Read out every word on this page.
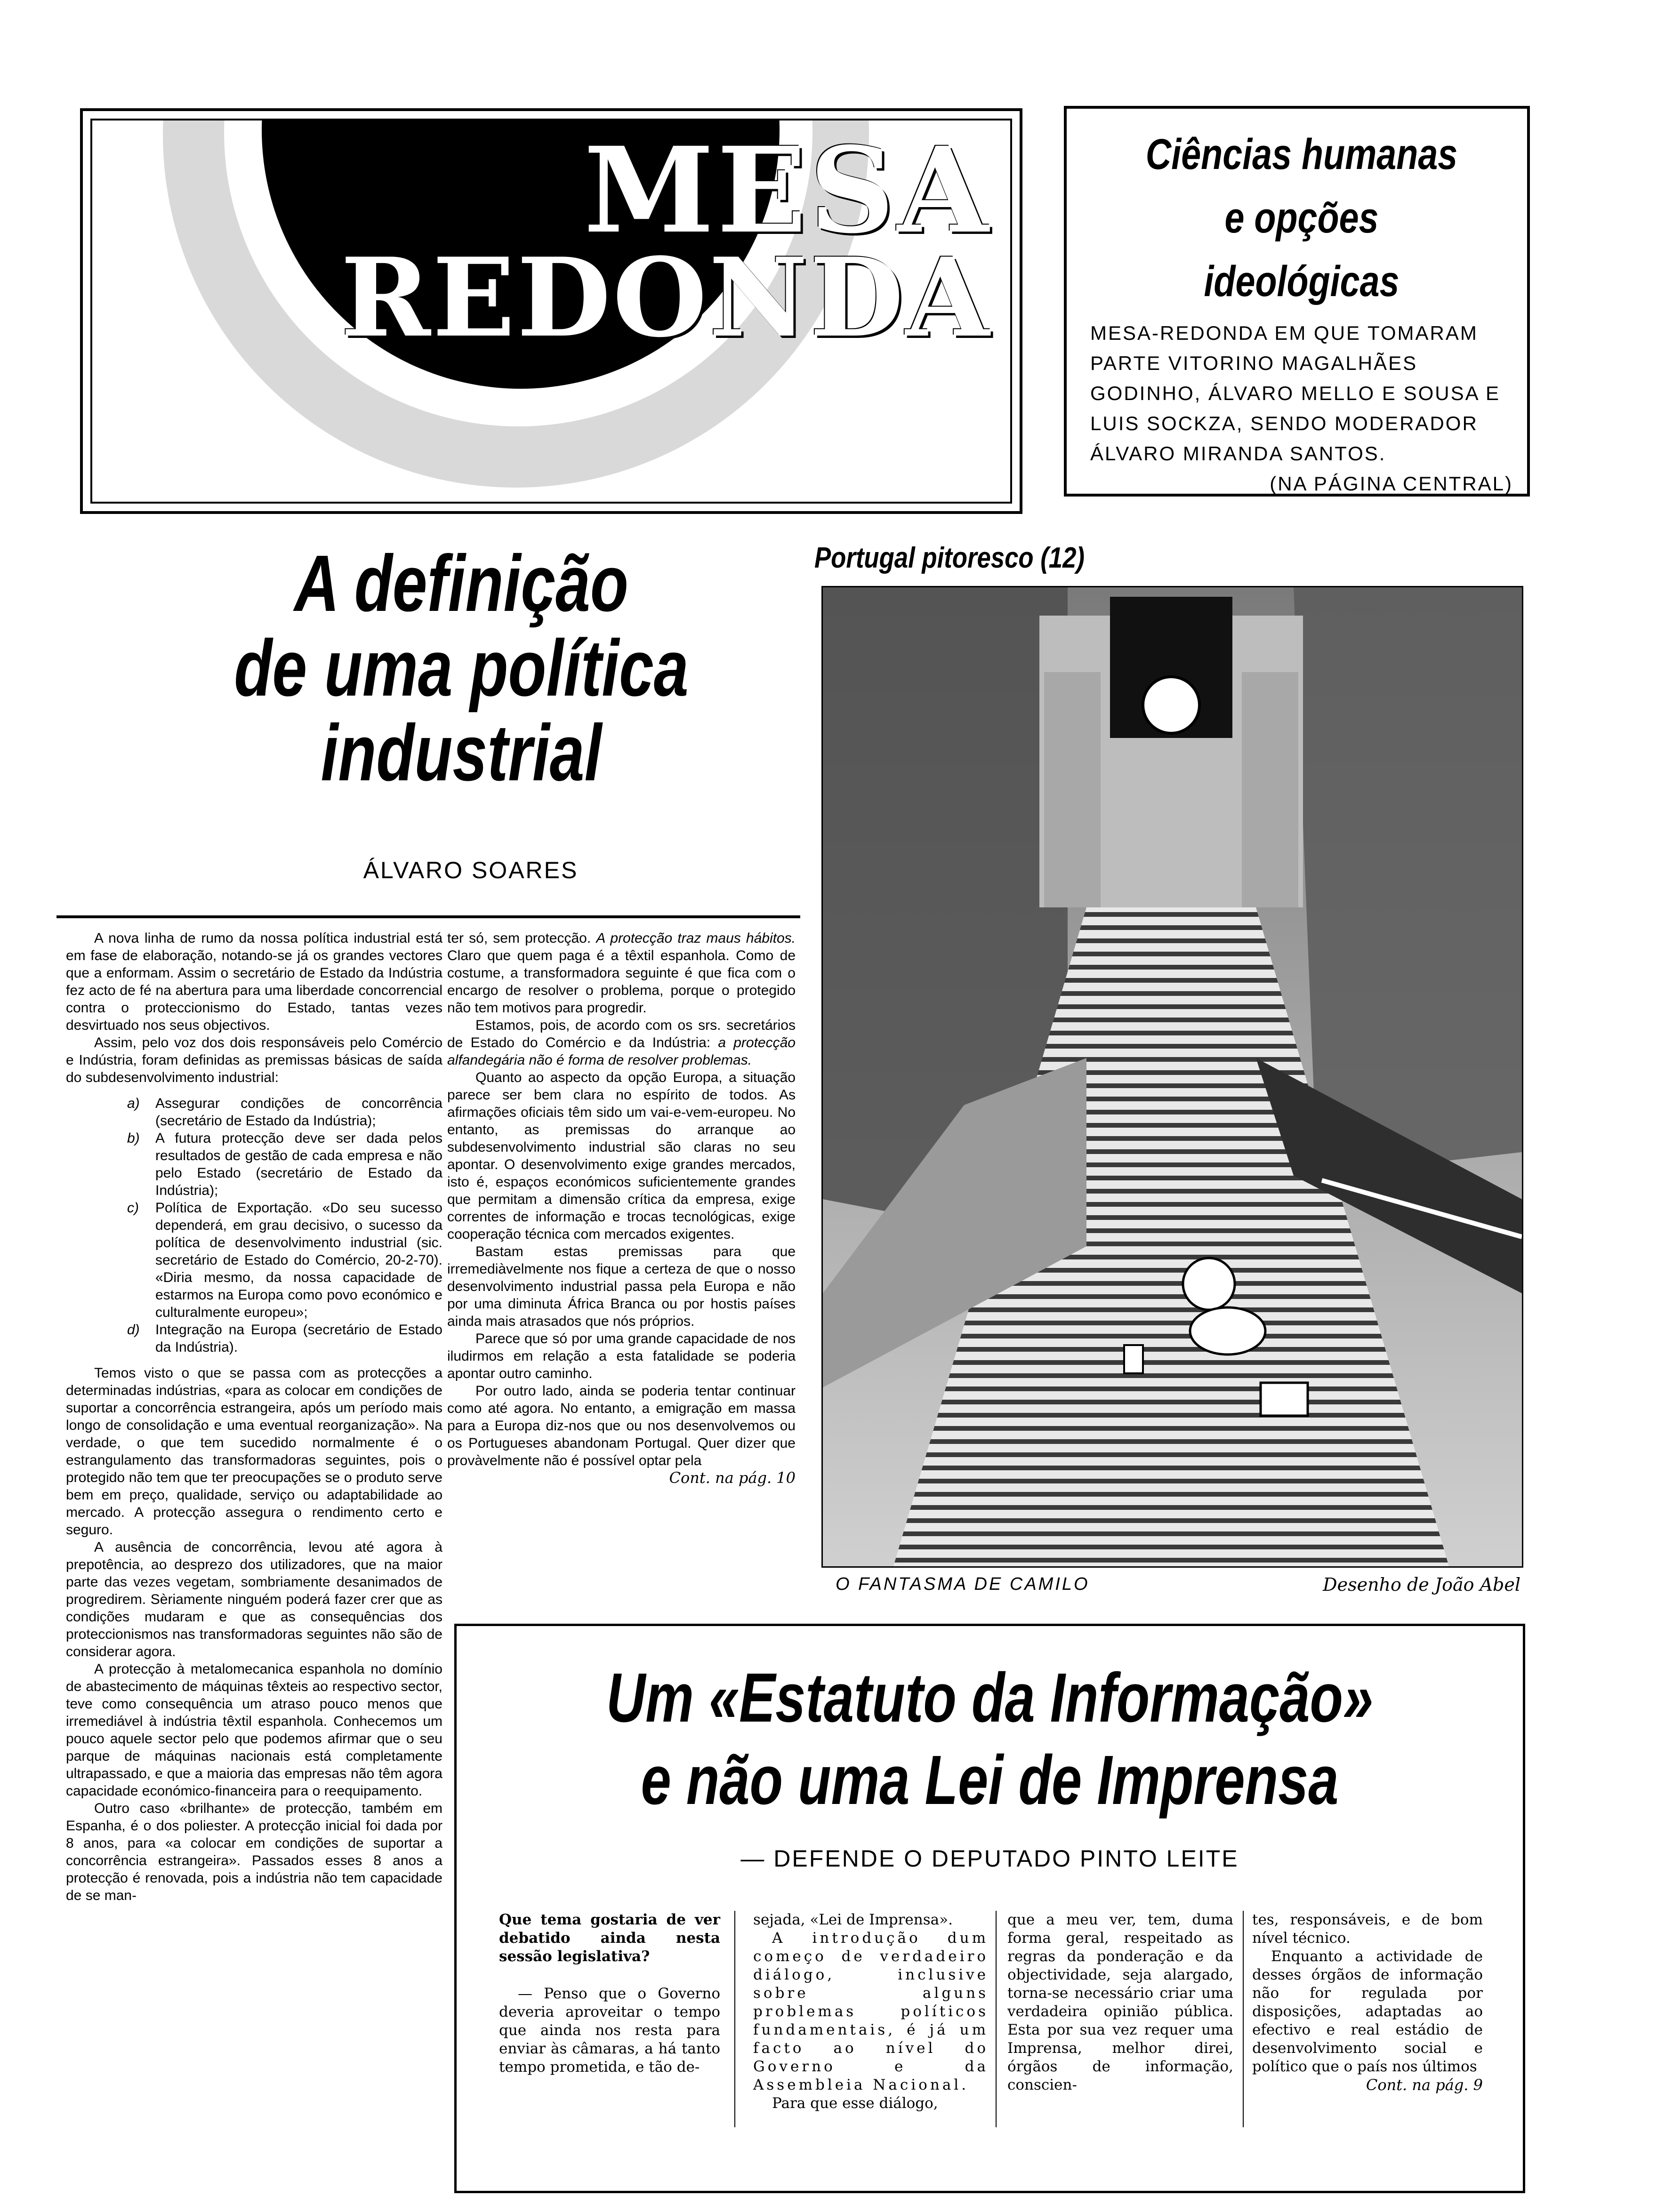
MESA
REDONDA
Ciências humanas
e opções
ideológicas
MESA-REDONDA EM QUE TOMARAM PARTE VITORINO MAGALHÃES GODINHO, ÁLVARO MELLO E SOUSA E LUIS SOCKZA, SENDO MODERADOR ÁLVARO MIRANDA SANTOS.
(NA PÁGINA CENTRAL)
A definição
de uma política
industrial
ÁLVARO SOARES

A nova linha de rumo da nossa política industrial está em fase de elaboração, notando-se já os grandes vectores que a enformam. Assim o secretário de Estado da Indústria fez acto de fé na abertura para uma liberdade concorrencial contra o proteccionismo do Estado, tantas vezes desvirtuado nos seus objectivos.

Assim, pelo voz dos dois responsáveis pelo Comércio e Indústria, foram definidas as premissas básicas de saída do subdesenvolvimento industrial:

a)	Assegurar condições de concorrência (secretário de Estado da Indústria);
b)	A futura protecção deve ser dada pelos resultados de gestão de cada empresa e não pelo Estado (secretário de Estado da Indústria);
c)	Política de Exportação. «Do seu sucesso dependerá, em grau decisivo, o sucesso da política de desenvolvimento industrial (sic. secretário de Estado do Comércio, 20-2-70). «Diria mesmo, da nossa capacidade de estarmos na Europa como povo económico e culturalmente europeu»;
d)	Integração na Europa (secretário de Estado da Indústria).

Temos visto o que se passa com as protecções a determinadas indústrias, «para as colocar em condições de suportar a concorrência estrangeira, após um período mais longo de consolidação e uma eventual reorganização». Na verdade, o que tem sucedido normalmente é o estrangulamento das transformadoras seguintes, pois o protegido não tem que ter preocupações se o produto serve bem em preço, qualidade, serviço ou adaptabilidade ao mercado. A protecção assegura o rendimento certo e seguro.

A ausência de concorrência, levou até agora à prepotência, ao desprezo dos utilizadores, que na maior parte das vezes vegetam, sombriamente desanimados de progredirem. Sèriamente ninguém poderá fazer crer que as condições mudaram e que as consequências dos proteccionismos nas transformadoras seguintes não são de considerar agora.

A protecção à metalomecanica espanhola no domínio de abastecimento de máquinas têxteis ao respectivo sector, teve como consequência um atraso pouco menos que irremediável à indústria têxtil espanhola. Conhecemos um pouco aquele sector pelo que podemos afirmar que o seu parque de máquinas nacionais está completamente ultrapassado, e que a maioria das empresas não têm agora capacidade económico-financeira para o reequipamento.

Outro caso «brilhante» de protecção, também em Espanha, é o dos poliester. A protecção inicial foi dada por 8 anos, para «a colocar em condições de suportar a concorrência estrangeira». Passados esses 8 anos a protecção é renovada, pois a indústria não tem capacidade de se man-

ter só, sem protecção. A protecção traz maus hábitos. Claro que quem paga é a têxtil espanhola. Como de costume, a transformadora seguinte é que fica com o encargo de resolver o problema, porque o protegido não tem motivos para progredir.

Estamos, pois, de acordo com os srs. secretários de Estado do Comércio e da Indústria: a protecção alfandegária não é forma de resolver problemas.

Quanto ao aspecto da opção Europa, a situação parece ser bem clara no espírito de todos. As afirmações oficiais têm sido um vai-e-vem-europeu. No entanto, as premissas do arranque ao subdesenvolvimento industrial são claras no seu apontar. O desenvolvimento exige grandes mercados, isto é, espaços económicos suficientemente grandes que permitam a dimensão crítica da empresa, exige correntes de informação e trocas tecnológicas, exige cooperação técnica com mercados exigentes.

Bastam estas premissas para que irremediàvelmente nos fique a certeza de que o nosso desenvolvimento industrial passa pela Europa e não por uma diminuta África Branca ou por hostis países ainda mais atrasados que nós próprios.

Parece que só por uma grande capacidade de nos iludirmos em relação a esta fatalidade se poderia apontar outro caminho.

Por outro lado, ainda se poderia tentar continuar como até agora. No entanto, a emigração em massa para a Europa diz-nos que ou nos desenvolvemos ou os Portugueses abandonam Portugal. Quer dizer que provàvelmente não é possível optar pela

Cont. na pág. 10
Portugal pitoresco (12)
O FANTASMA DE CAMILO	Desenho de João Abel
Um «Estatuto da Informação»
e não uma Lei de Imprensa
— DEFENDE O DEPUTADO PINTO LEITE

Que tema gostaria de ver debatido ainda nesta sessão legislativa?

— Penso que o Governo deveria aproveitar o tempo que ainda nos resta para enviar às câmaras, a há tanto tempo prometida, e tão de-

sejada, «Lei de Imprensa».

A introdução dum começo de verdadeiro diálogo, inclusive sobre alguns problemas políticos fundamentais, é já um facto ao nível do Governo e da Assembleia Nacional.

Para que esse diálogo,

que a meu ver, tem, duma forma geral, respeitado as regras da ponderação e da objectividade, seja alargado, torna-se necessário criar uma verdadeira opinião pública. Esta por sua vez requer uma Imprensa, melhor direi, órgãos de informação, conscien-

tes, responsáveis, e de bom nível técnico.

Enquanto a actividade de desses órgãos de informação não for regulada por disposições, adaptadas ao efectivo e real estádio de desenvolvimento social e político que o país nos últimos

Cont. na pág. 9
